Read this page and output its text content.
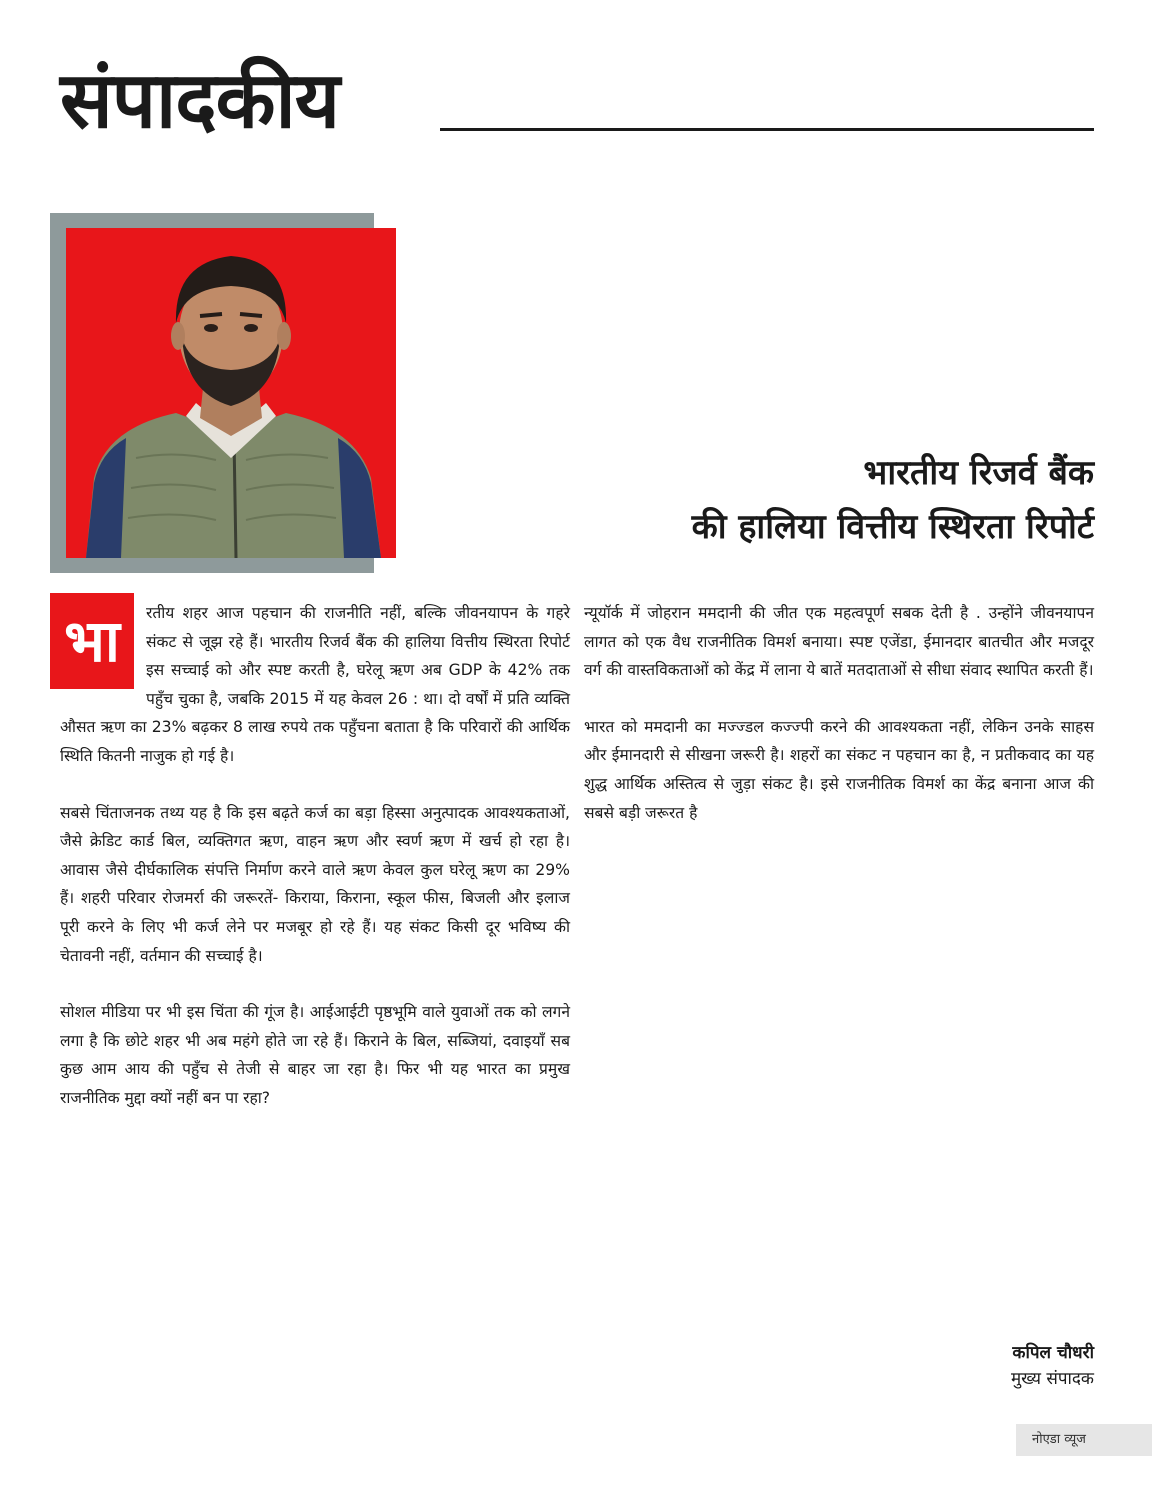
संपादकीय
भारतीय रिजर्व बैंक
की हालिया वित्तीय स्थिरता रिपोर्ट
भा	रतीय शहर आज पहचान की राजनीति नहीं, बल्कि जीवनयापन के गहरे संकट से जूझ रहे हैं। भारतीय रिजर्व बैंक की हालिया वित्तीय स्थिरता रिपोर्ट इस सच्चाई को और स्पष्ट करती है, घरेलू ऋण अब GDP के 42% तक पहुँच चुका है, जबकि 2015 में यह केवल 26 : था। दो वर्षों में प्रति व्यक्ति औसत ऋण का 23% बढ़कर 8 लाख रुपये तक पहुँचना बताता है कि परिवारों की आर्थिक स्थिति कितनी नाजुक हो गई है।

सबसे चिंताजनक तथ्य यह है कि इस बढ़ते कर्ज का बड़ा हिस्सा अनुत्पादक आवश्यकताओं, जैसे क्रेडिट कार्ड बिल, व्यक्तिगत ऋण, वाहन ऋण और स्वर्ण ऋण में खर्च हो रहा है। आवास जैसे दीर्घकालिक संपत्ति निर्माण करने वाले ऋण केवल कुल घरेलू ऋण का 29% हैं। शहरी परिवार रोजमर्रा की जरूरतें- किराया, किराना, स्कूल फीस, बिजली और इलाज पूरी करने के लिए भी कर्ज लेने पर मजबूर हो रहे हैं। यह संकट किसी दूर भविष्य की चेतावनी नहीं, वर्तमान की सच्चाई है।

सोशल मीडिया पर भी इस चिंता की गूंज है। आईआईटी पृष्ठभूमि वाले युवाओं तक को लगने लगा है कि छोटे शहर भी अब महंगे होते जा रहे हैं। किराने के बिल, सब्जियां, दवाइयाँ सब कुछ आम आय की पहुँच से तेजी से बाहर जा रहा है। फिर भी यह भारत का प्रमुख राजनीतिक मुद्दा क्यों नहीं बन पा रहा?

न्यूयॉर्क में जोहरान ममदानी की जीत एक महत्वपूर्ण सबक देती है . उन्होंने जीवनयापन लागत को एक वैध राजनीतिक विमर्श बनाया। स्पष्ट एजेंडा, ईमानदार बातचीत और मजदूर वर्ग की वास्तविकताओं को केंद्र में लाना ये बातें मतदाताओं से सीधा संवाद स्थापित करती हैं।

भारत को ममदानी का मज्ज्डल कज्ज्पी करने की आवश्यकता नहीं, लेकिन उनके साहस और ईमानदारी से सीखना जरूरी है। शहरों का संकट न पहचान का है, न प्रतीकवाद का यह शुद्ध आर्थिक अस्तित्व से जुड़ा संकट है। इसे राजनीतिक विमर्श का केंद्र बनाना आज की सबसे बड़ी जरूरत है

कपिल चौधरी
मुख्य संपादक
नोएडा व्यूज
